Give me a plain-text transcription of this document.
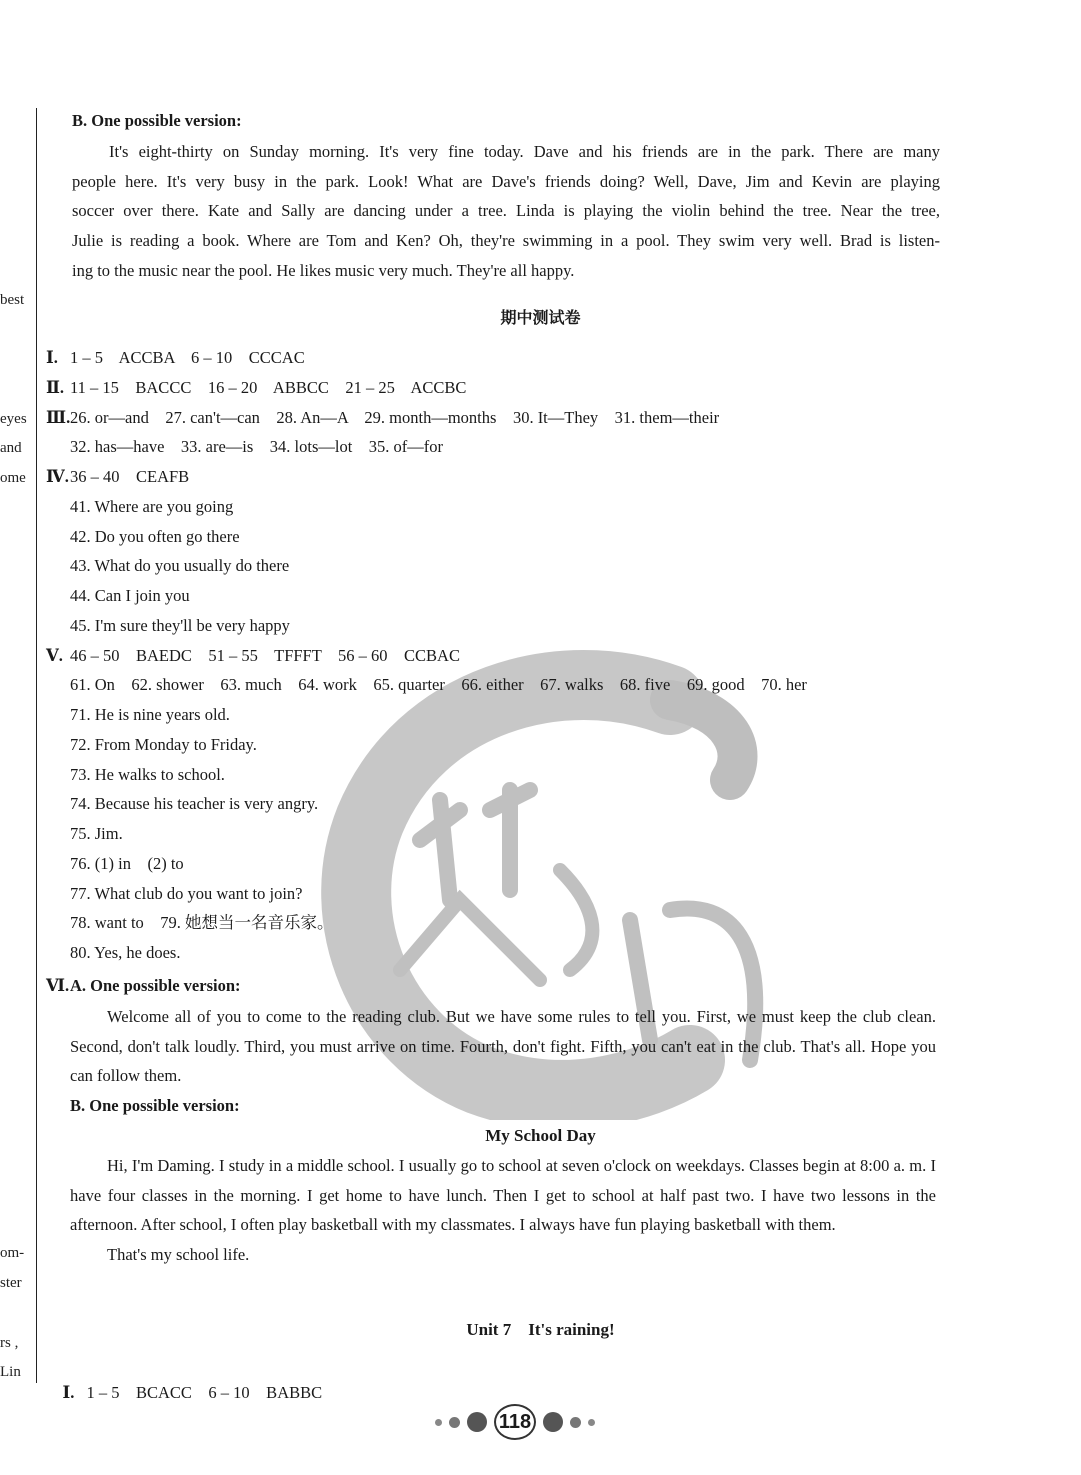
best
eyes
and
ome
om-
ster
rs ,
Lin
B. One possible version:
It's eight-thirty on Sunday morning. It's very fine today. Dave and his friends are in the park. There are many
people here. It's very busy in the park. Look! What are Dave's friends doing? Well, Dave, Jim and Kevin are playing
soccer over there. Kate and Sally are dancing under a tree. Linda is playing the violin behind the tree. Near the tree,
Julie is reading a book. Where are Tom and Ken? Oh, they're swimming in a pool. They swim very well. Brad is listen-
ing to the music near the pool. He likes music very much. They're all happy.
期中测试卷
Ⅰ. 1 – 5    ACCBA    6 – 10    CCCAC
Ⅱ. 11 – 15    BACCC    16 – 20    ABBCC    21 – 25    ACCBC
Ⅲ.26. or—and    27. can't—can    28. An—A    29. month—months    30. It—They    31. them—their
32. has—have    33. are—is    34. lots—lot    35. of—for
Ⅳ.36 – 40    CEAFB
41. Where are you going
42. Do you often go there
43. What do you usually do there
44. Can I join you
45. I'm sure they'll be very happy
Ⅴ. 46 – 50    BAEDC    51 – 55    TFFFT    56 – 60    CCBAC
61. On    62. shower    63. much    64. work    65. quarter    66. either    67. walks    68. five    69. good    70. her
71. He is nine years old.
72. From Monday to Friday.
73. He walks to school.
74. Because his teacher is very angry.
75. Jim.
76. (1) in    (2) to
77. What club do you want to join?
78. want to    79. 她想当一名音乐家。
80. Yes, he does.
Ⅵ.A. One possible version:

Welcome all of you to come to the reading club. But we have some rules to tell you. First, we must keep the club clean. Second, don't talk loudly. Third, you must arrive on time. Fourth, don't fight. Fifth, you can't eat in the club. That's all. Hope you can follow them.

B. One possible version:
My School Day

Hi, I'm Daming. I study in a middle school. I usually go to school at seven o'clock on weekdays. Classes begin at 8:00 a. m. I have four classes in the morning. I get home to have lunch. Then I get to school at half past two. I have two lessons in the afternoon. After school, I often play basketball with my classmates. I always have fun playing basketball with them.

That's my school life.

Unit 7    It's raining!

Ⅰ. 1 – 5    BCACC    6 – 10    BABBC

118
